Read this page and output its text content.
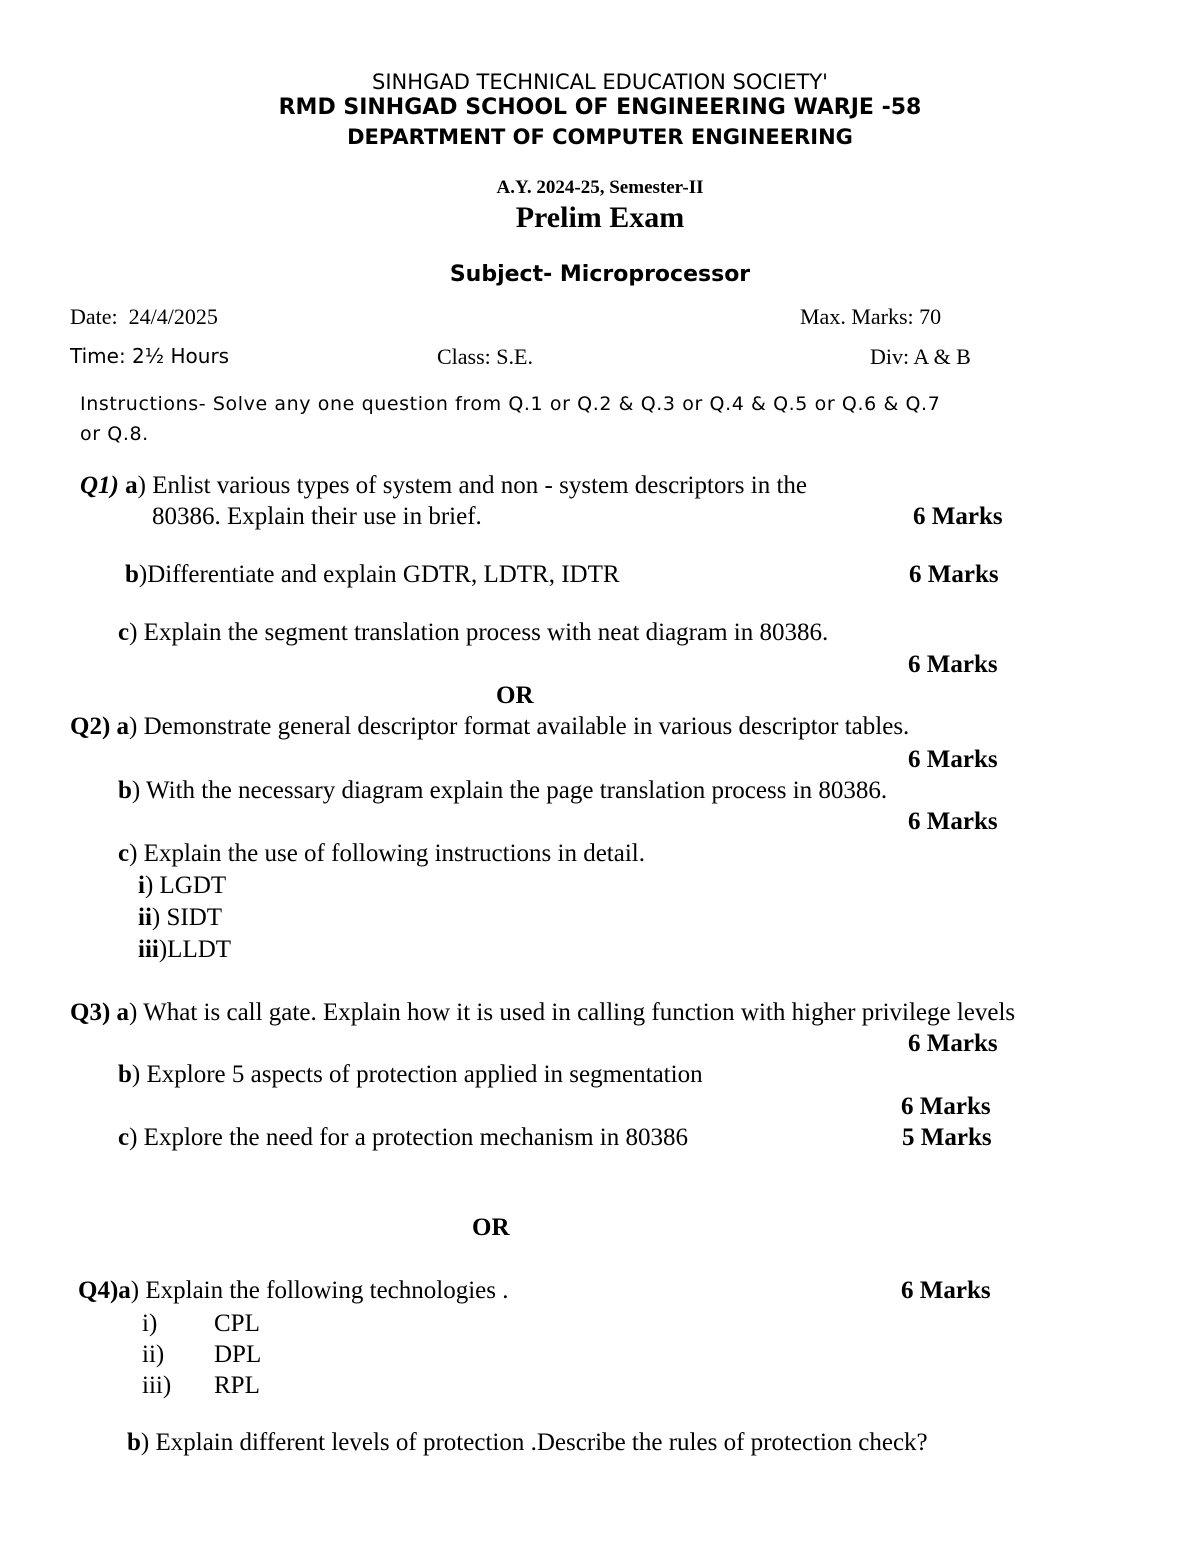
SINHGAD TECHNICAL EDUCATION SOCIETY'
RMD SINHGAD SCHOOL OF ENGINEERING WARJE -58
DEPARTMENT OF COMPUTER ENGINEERING
A.Y. 2024-25, Semester-II
Prelim Exam
Subject- Microprocessor
Date: 24/4/2025	Max. Marks: 70
Time: 2½ Hours	Class: S.E.	Div: A & B
Instructions- Solve any one question from Q.1 or Q.2 & Q.3 or Q.4 & Q.5 or Q.6 & Q.7
or Q.8.
Q1) a) Enlist various types of system and non - system descriptors in the
80386. Explain their use in brief.	6 Marks
b)Differentiate and explain GDTR, LDTR, IDTR	6 Marks
c) Explain the segment translation process with neat diagram in 80386.
6 Marks
OR
Q2) a) Demonstrate general descriptor format available in various descriptor tables.
6 Marks
b) With the necessary diagram explain the page translation process in 80386.
6 Marks
c) Explain the use of following instructions in detail.
i) LGDT
ii) SIDT
iii)LLDT
Q3) a) What is call gate. Explain how it is used in calling function with higher privilege levels
6 Marks
b) Explore 5 aspects of protection applied in segmentation
6 Marks
c) Explore the need for a protection mechanism in 80386	5 Marks
OR
Q4)a) Explain the following technologies .	6 Marks
i) CPL
ii) DPL
iii) RPL
b) Explain different levels of protection .Describe the rules of protection check?
